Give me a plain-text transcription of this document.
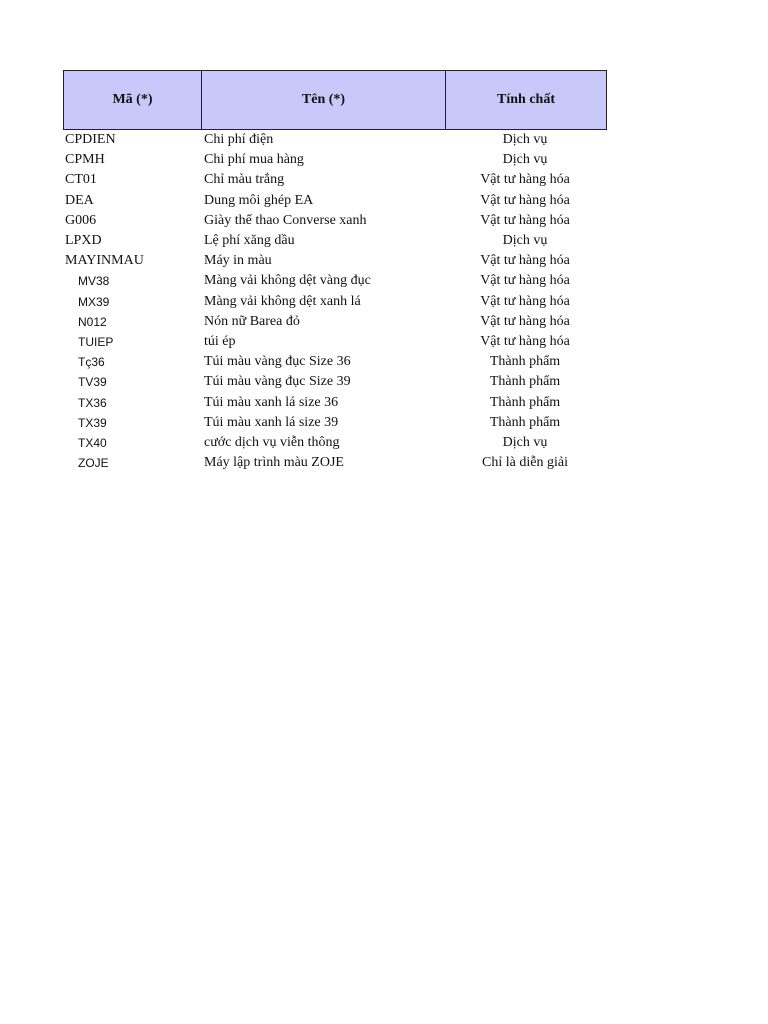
Mã (*)	Tên (*)	Tính chất
CPDIEN	Chi phí điện	Dịch vụ
CPMH	Chi phí mua hàng	Dịch vụ
CT01	Chỉ màu trắng	Vật tư hàng hóa
DEA	Dung môi ghép EA	Vật tư hàng hóa
G006	Giày thể thao Converse xanh	Vật tư hàng hóa
LPXD	Lệ phí xăng dầu	Dịch vụ
MAYINMAU	Máy in màu	Vật tư hàng hóa
MV38	Màng vải không dệt vàng đục	Vật tư hàng hóa
MX39	Màng vải không dệt xanh lá	Vật tư hàng hóa
N012	Nón nữ Barea đỏ	Vật tư hàng hóa
TUIEP	túi ép	Vật tư hàng hóa
Tç36	Túi màu vàng đục Size 36	Thành phẩm
TV39	Túi màu vàng đục Size 39	Thành phẩm
TX36	Túi màu xanh lá size 36	Thành phẩm
TX39	Túi màu xanh lá size 39	Thành phẩm
TX40	cước dịch vụ viễn thông	Dịch vụ
ZOJE	Máy lập trình màu ZOJE	Chỉ là diễn giải
